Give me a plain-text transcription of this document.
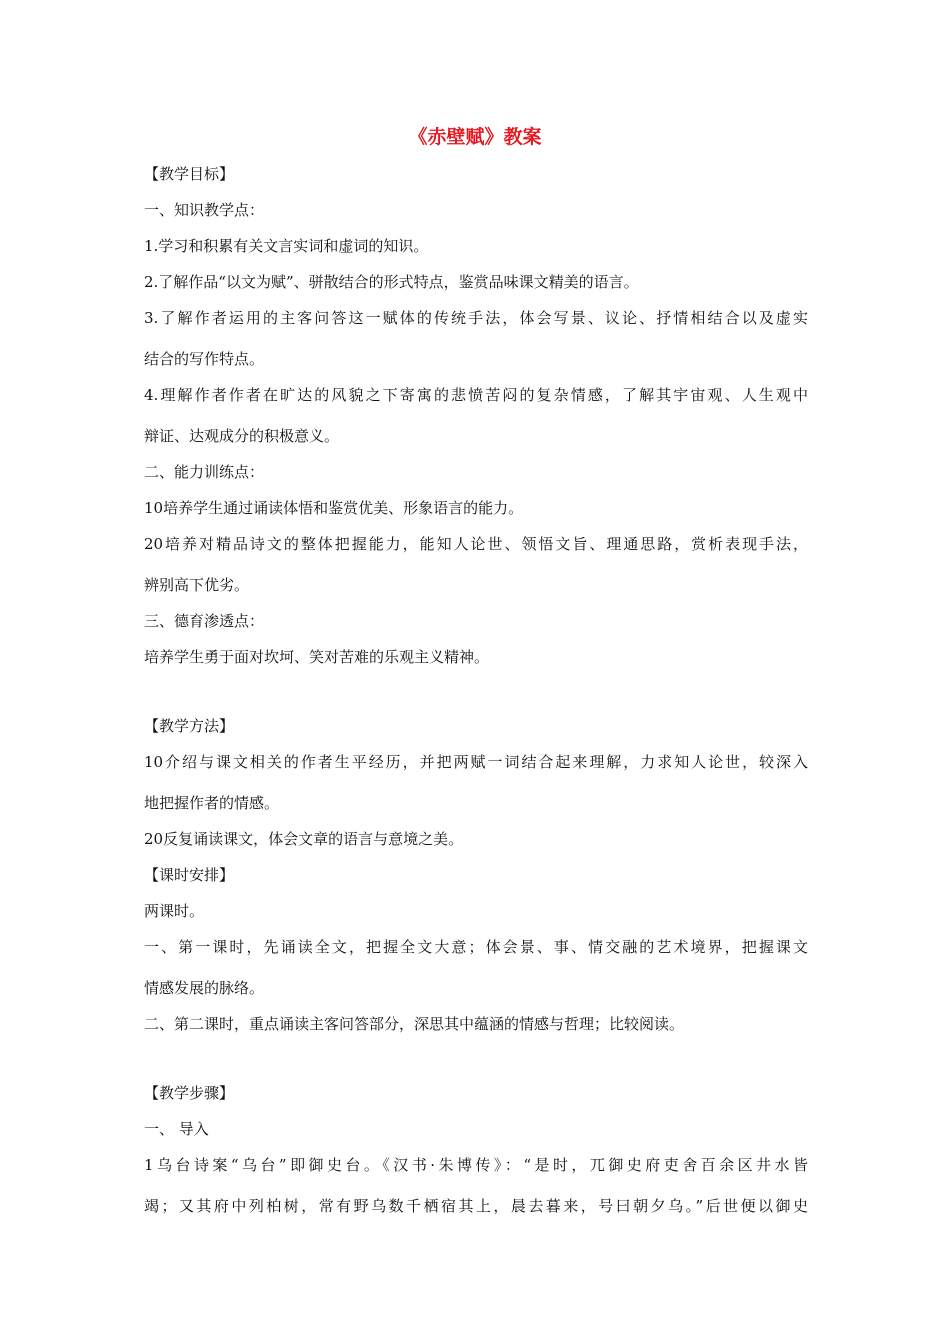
《赤壁赋》教案
【教学目标】
一、知识教学点：
1.学习和积累有关文言实词和虚词的知识。
2.了解作品“以文为赋”、骈散结合的形式特点，鉴赏品味课文精美的语言。
3.了解作者运用的主客问答这一赋体的传统手法，体会写景、议论、抒情相结合以及虚实
结合的写作特点。
4.理解作者作者在旷达的风貌之下寄寓的悲愤苦闷的复杂情感，了解其宇宙观、人生观中
辩证、达观成分的积极意义。
二、能力训练点：
10培养学生通过诵读体悟和鉴赏优美、形象语言的能力。
20培养对精品诗文的整体把握能力，能知人论世、领悟文旨、理通思路，赏析表现手法，
辨别高下优劣。
三、德育渗透点：
培养学生勇于面对坎坷、笑对苦难的乐观主义精神。
【教学方法】
10介绍与课文相关的作者生平经历，并把两赋一词结合起来理解，力求知人论世，较深入
地把握作者的情感。
20反复诵读课文，体会文章的语言与意境之美。
【课时安排】
两课时。
一、第一课时，先诵读全文，把握全文大意；体会景、事、情交融的艺术境界，把握课文
情感发展的脉络。
二、第二课时，重点诵读主客问答部分，深思其中蕴涵的情感与哲理；比较阅读。
【教学步骤】
一、 导入
1乌台诗案“乌台”即御史台。《汉书·朱博传》：“是时，兀御史府吏舍百余区井水皆
竭；又其府中列柏树，常有野乌数千栖宿其上，晨去暮来，号曰朝夕乌。”后世便以御史
